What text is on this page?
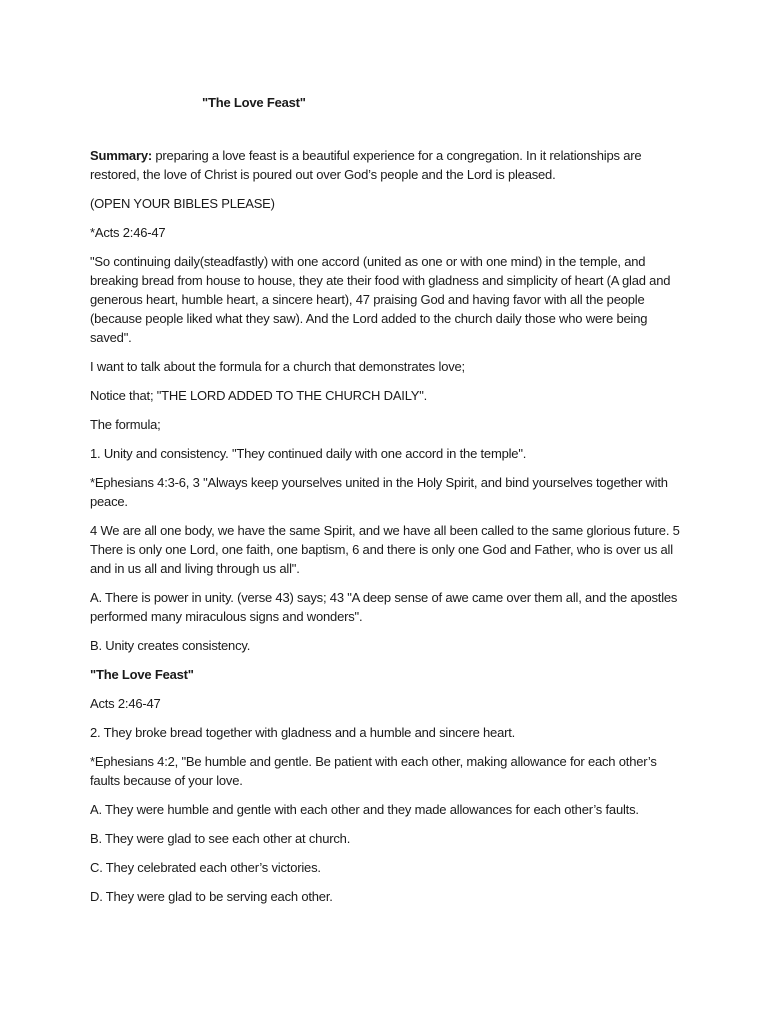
"The Love Feast"

Summary: preparing a love feast is a beautiful experience for a congregation. In it relationships are restored, the love of Christ is poured out over God’s people and the Lord is pleased.

(OPEN YOUR BIBLES PLEASE)

*Acts 2:46-47

"So continuing daily(steadfastly) with one accord (united as one or with one mind) in the temple, and breaking bread from house to house, they ate their food with gladness and simplicity of heart (A glad and generous heart, humble heart, a sincere heart), 47 praising God and having favor with all the people (because people liked what they saw). And the Lord added to the church daily those who were being saved".

I want to talk about the formula for a church that demonstrates love;

Notice that; "THE LORD ADDED TO THE CHURCH DAILY".

The formula;

1. Unity and consistency. "They continued daily with one accord in the temple".

*Ephesians 4:3-6, 3 "Always keep yourselves united in the Holy Spirit, and bind yourselves together with peace.

4 We are all one body, we have the same Spirit, and we have all been called to the same glorious future. 5 There is only one Lord, one faith, one baptism, 6 and there is only one God and Father, who is over us all and in us all and living through us all".

A. There is power in unity. (verse 43) says; 43 "A deep sense of awe came over them all, and the apostles performed many miraculous signs and wonders".

B. Unity creates consistency.

"The Love Feast"

Acts 2:46-47

2. They broke bread together with gladness and a humble and sincere heart.

*Ephesians 4:2, "Be humble and gentle. Be patient with each other, making allowance for each other’s faults because of your love.

A. They were humble and gentle with each other and they made allowances for each other’s faults.

B. They were glad to see each other at church.

C. They celebrated each other’s victories.

D. They were glad to be serving each other.
